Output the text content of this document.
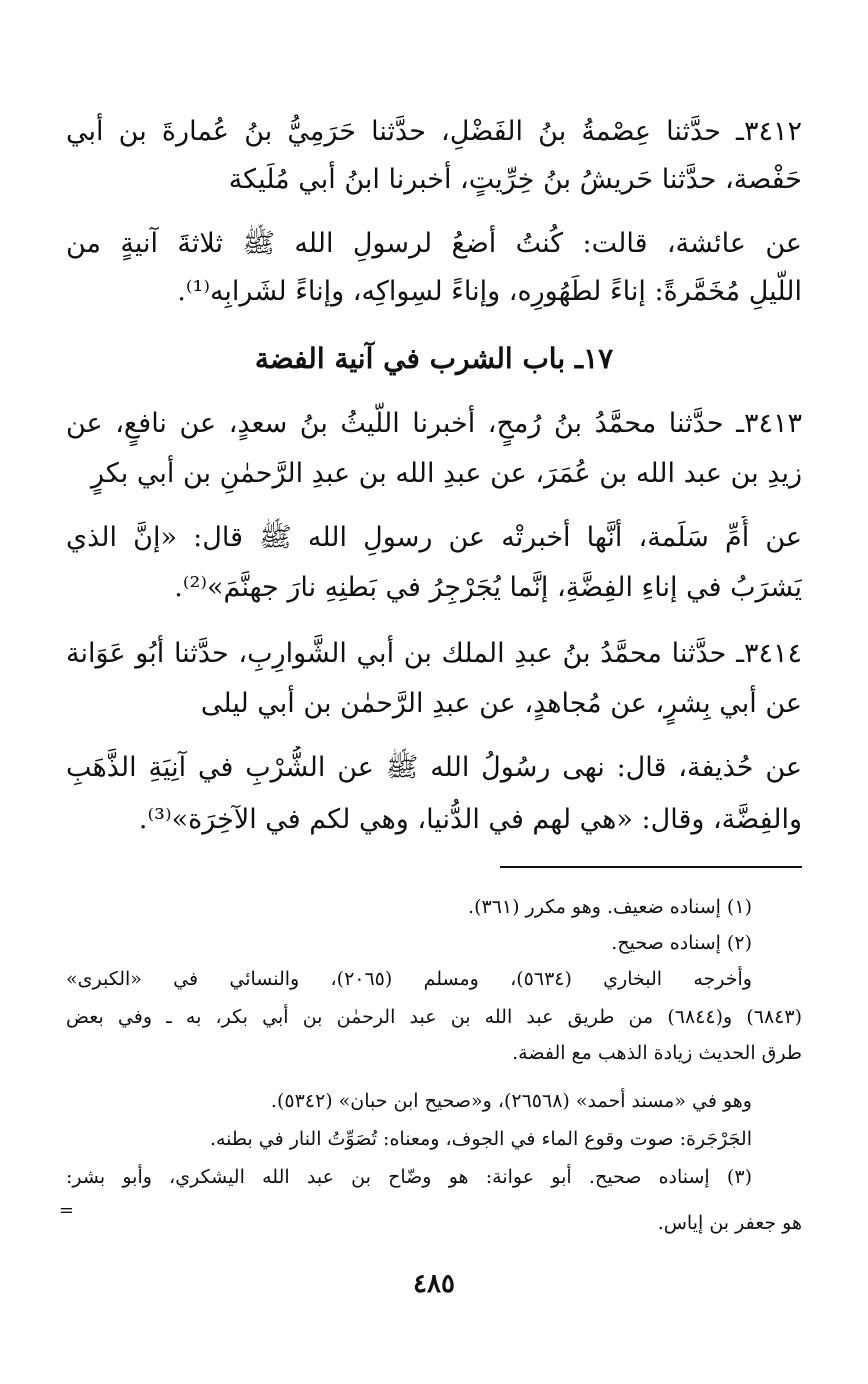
٣٤١٢ـ حدَّثنا عِصْمةُ بنُ الفَضْلِ، حدَّثنا حَرَمِيُّ بنُ عُمارةَ بن أبي
حَفْصة، حدَّثنا حَريشُ بنُ خِرِّيتٍ، أخبرنا ابنُ أبي مُلَيكة
عن عائشة، قالت: كُنتُ أضعُ لرسولِ الله ﷺ ثلاثةَ آنيةٍ من
اللَّيلِ مُخَمَّرةً: إناءً لطَهُورِه، وإناءً لسِواكِه، وإناءً لشَرابِه⁽¹⁾.
١٧ـ باب الشرب في آنية الفضة
٣٤١٣ـ حدَّثنا محمَّدُ بنُ رُمحٍ، أخبرنا اللَّيثُ بنُ سعدٍ، عن نافعٍ، عن
زيدِ بن عبد الله بن عُمَرَ، عن عبدِ الله بن عبدِ الرَّحمٰنِ بن أبي بكرٍ
عن أُمِّ سَلَمة، أنَّها أخبرتْه عن رسولِ الله ﷺ قال: «إنَّ الذي
يَشرَبُ في إناءِ الفِضَّةِ، إنَّما يُجَرْجِرُ في بَطنِهِ نارَ جهنَّمَ»⁽²⁾.
٣٤١٤ـ حدَّثنا محمَّدُ بنُ عبدِ الملك بن أبي الشَّوارِبِ، حدَّثنا أبُو عَوَانة
عن أبي بِشرٍ، عن مُجاهدٍ، عن عبدِ الرَّحمٰن بن أبي ليلى
عن حُذيفة، قال: نهى رسُولُ الله ﷺ عن الشُّرْبِ في آنِيَةِ الذَّهَبِ
والفِضَّة، وقال: «هي لهم في الدُّنيا، وهي لكم في الآخِرَة»⁽³⁾.
(١) إسناده ضعيف. وهو مكرر (٣٦١).
(٢) إسناده صحيح.
وأخرجه البخاري (٥٦٣٤)، ومسلم (٢٠٦٥)، والنسائي في «الكبرى»
(٦٨٤٣) و(٦٨٤٤) من طريق عبد الله بن عبد الرحمٰن بن أبي بكر، به ـ وفي بعض
طرق الحديث زيادة الذهب مع الفضة.
وهو في «مسند أحمد» (٢٦٥٦٨)، و«صحيح ابن حبان» (٥٣٤٢).
الجَرْجَرة: صوت وقوع الماء في الجوف، ومعناه: تُصَوِّتُ النار في بطنه.
(٣) إسناده صحيح. أبو عوانة: هو وضّاح بن عبد الله اليشكري، وأبو بشر:
هو جعفر بن إياس.
=
٤٨٥
